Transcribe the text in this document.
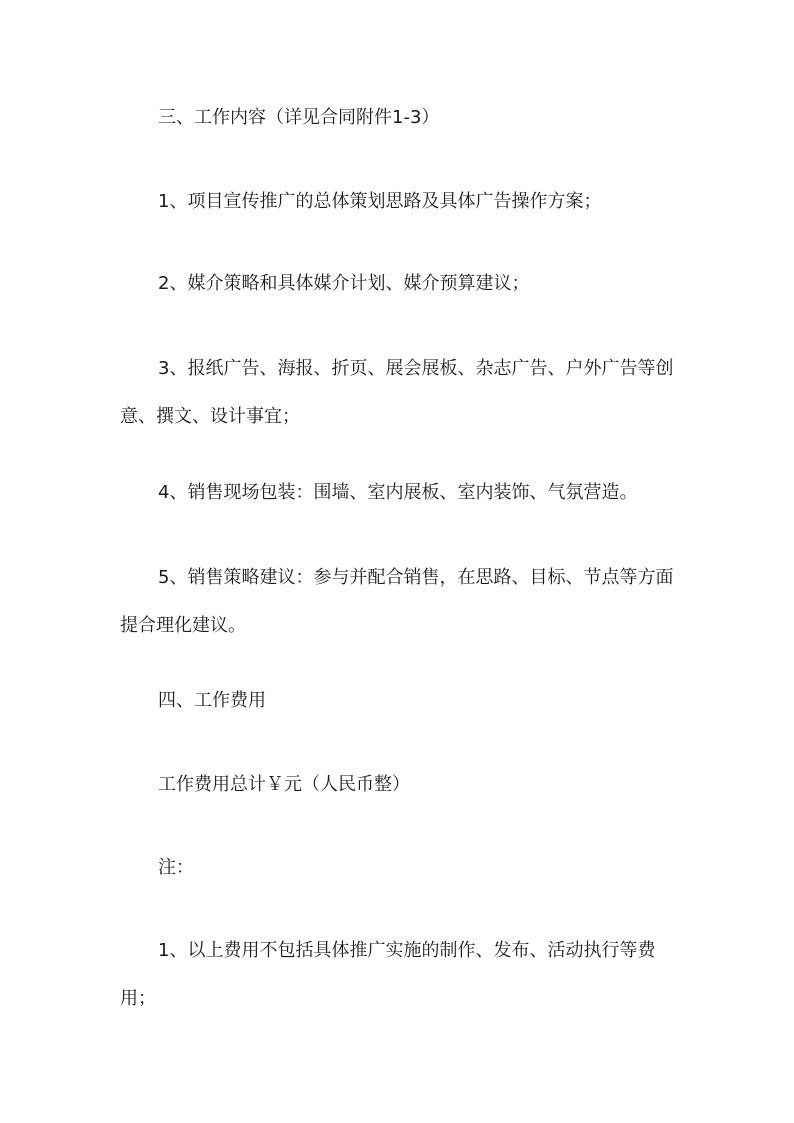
三、工作内容（详见合同附件1-3）

1、项目宣传推广的总体策划思路及具体广告操作方案；

2、媒介策略和具体媒介计划、媒介预算建议；

3、报纸广告、海报、折页、展会展板、杂志广告、户外广告等创意、撰文、设计事宜；

4、销售现场包装：围墙、室内展板、室内装饰、气氛营造。

5、销售策略建议：参与并配合销售，在思路、目标、节点等方面提合理化建议。

四、工作费用

工作费用总计￥元（人民币整）

注：

1、以上费用不包括具体推广实施的制作、发布、活动执行等费用；
